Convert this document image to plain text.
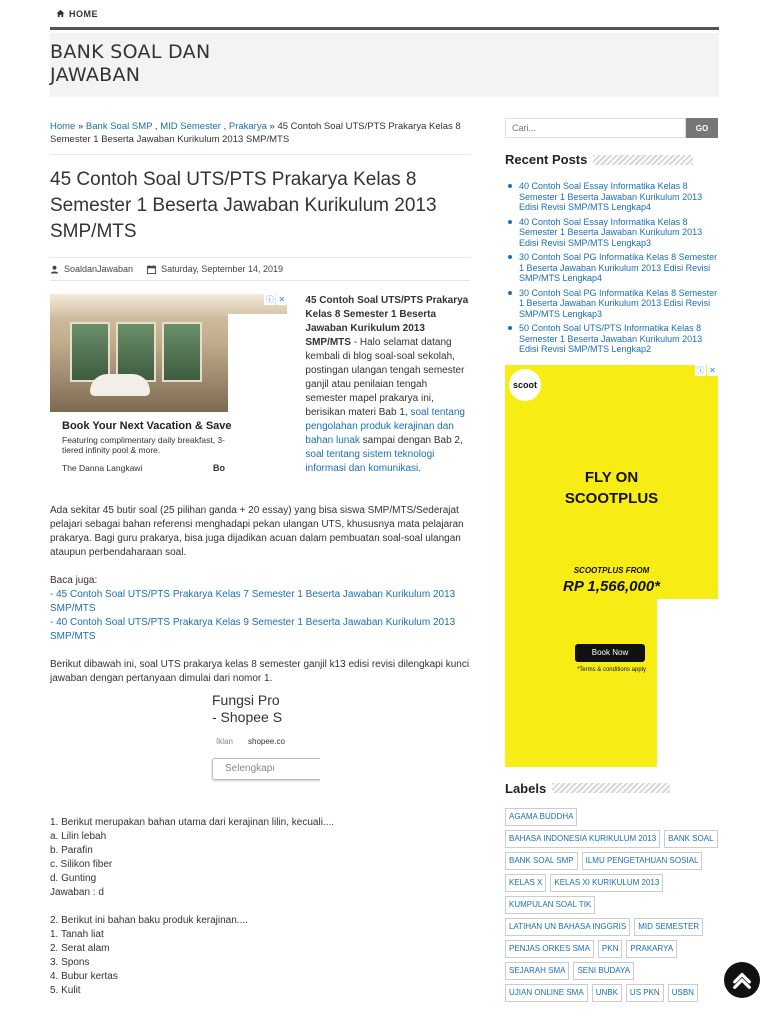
HOME
BANK SOAL DAN JAWABAN
Home » Bank Soal SMP , MID Semester , Prakarya » 45 Contoh Soal UTS/PTS Prakarya Kelas 8 Semester 1 Beserta Jawaban Kurikulum 2013 SMP/MTS
45 Contoh Soal UTS/PTS Prakarya Kelas 8 Semester 1 Beserta Jawaban Kurikulum 2013 SMP/MTS
SoaldanJawaban	Saturday, September 14, 2019
ⓘ ✕
Book Your Next Vacation & Save
Featuring complimentary daily breakfast, 3-tiered infinity pool & more.
The Danna Langkawi	Bo
45 Contoh Soal UTS/PTS Prakarya Kelas 8 Semester 1 Beserta Jawaban Kurikulum 2013 SMP/MTS - Halo selamat datang kembali di blog soal-soal sekolah, postingan ulangan tengah semester ganjil atau penilaian tengah semester mapel prakarya ini, berisikan materi Bab 1, soal tentang pengolahan produk kerajinan dan bahan lunak sampai dengan Bab 2, soal tentang sistem teknologi informasi dan komunikasi.

Ada sekitar 45 butir soal (25 pilihan ganda + 20 essay) yang bisa siswa SMP/MTS/Sederajat pelajari sebagai bahan referensi menghadapi pekan ulangan UTS, khususnya mata pelajaran prakarya. Bagi guru prakarya, bisa juga dijadikan acuan dalam pembuatan soal-soal ulangan ataupun perbendaharaan soal.

Baca juga:
- 45 Contoh Soal UTS/PTS Prakarya Kelas 7 Semester 1 Beserta Jawaban Kurikulum 2013 SMP/MTS
- 40 Contoh Soal UTS/PTS Prakarya Kelas 9 Semester 1 Beserta Jawaban Kurikulum 2013 SMP/MTS

Berikut dibawah ini, soal UTS prakarya kelas 8 semester ganjil k13 edisi revisi dilengkapi kunci jawaban dengan pertanyaan dimulai dari nomor 1.

Fungsi Pro
- Shopee S
Iklan shopee.co
Selengkapı
1. Berikut merupakan bahan utama dari kerajinan lilin, kecuali....
a. Lilin lebah
b. Parafin
c. Silikon fiber
d. Gunting
Jawaban : d
2. Berikut ini bahan baku produk kerajinan....
1. Tanah liat
2. Serat alam
3. Spons
4. Bubur kertas
5. Kulit
Cari...
GO
Recent Posts
40 Contoh Soal Essay Informatika Kelas 8 Semester 1 Beserta Jawaban Kurikulum 2013 Edisi Revisi SMP/MTS Lengkap4
40 Contoh Soal Essay Informatika Kelas 8 Semester 1 Beserta Jawaban Kurikulum 2013 Edisi Revisi SMP/MTS Lengkap3
30 Contoh Soal PG Informatika Kelas 8 Semester 1 Beserta Jawaban Kurikulum 2013 Edisi Revisi SMP/MTS Lengkap4
30 Contoh Soal PG Informatika Kelas 8 Semester 1 Beserta Jawaban Kurikulum 2013 Edisi Revisi SMP/MTS Lengkap3
50 Contoh Soal UTS/PTS Informatika Kelas 8 Semester 1 Beserta Jawaban Kurikulum 2013 Edisi Revisi SMP/MTS Lengkap2
scoot
ⓘ ✕
FLY ON
SCOOTPLUS
SCOOTPLUS FROM
RP 1,566,000*
Book Now
*Terms & conditions apply
Labels
AGAMA BUDDHA
BAHASA INDONESIA KURIKULUM 2013	BANK SOAL
BANK SOAL SMP	ILMU PENGETAHUAN SOSIAL
KELAS X	KELAS XI KURIKULUM 2013
KUMPULAN SOAL TIK
LATIHAN UN BAHASA INGGRIS	MID SEMESTER
PENJAS ORKES SMA	PKN	PRAKARYA
SEJARAH SMA	SENI BUDAYA
UJIAN ONLINE SMA	UNBK	US PKN	USBN
